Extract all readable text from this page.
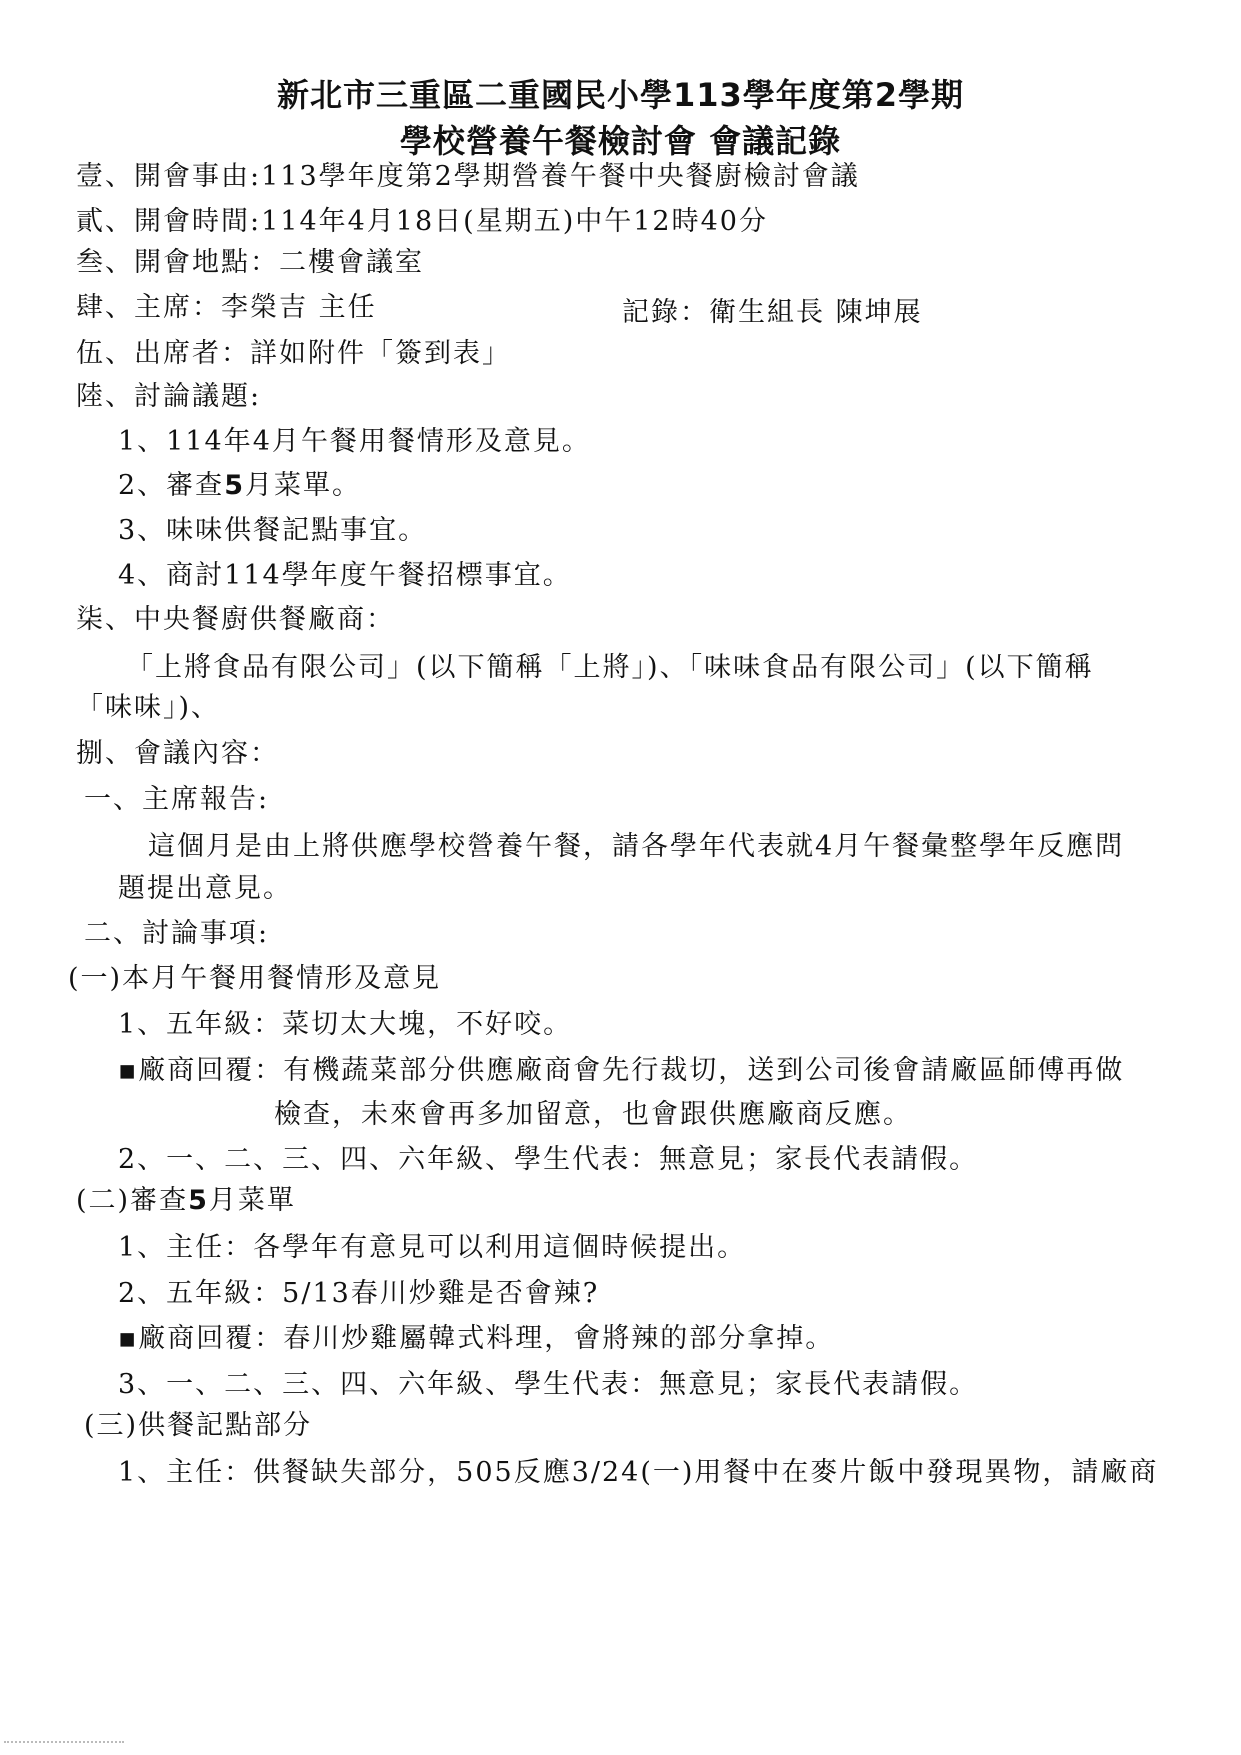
新北市三重區二重國民小學113學年度第2學期
學校營養午餐檢討會 會議記錄
壹、開會事由:113學年度第2學期營養午餐中央餐廚檢討會議
貳、開會時間:114年4月18日(星期五)中午12時40分
叁、開會地點：二樓會議室
肆、主席：李榮吉 主任	記錄：衛生組長 陳坤展
伍、出席者：詳如附件「簽到表」
陸、討論議題:
1、114年4月午餐用餐情形及意見。
2、審查5月菜單。
3、味味供餐記點事宜。
4、商討114學年度午餐招標事宜。
柒、中央餐廚供餐廠商：
「上將食品有限公司」(以下簡稱「上將」)、「味味食品有限公司」(以下簡稱
「味味」)、
捌、會議內容：
一、主席報告:
這個月是由上將供應學校營養午餐，請各學年代表就4月午餐彙整學年反應問
題提出意見。
二、討論事項:
(一)本月午餐用餐情形及意見
1、五年級：菜切太大塊，不好咬。
▪廠商回覆：有機蔬菜部分供應廠商會先行裁切，送到公司後會請廠區師傅再做
檢查，未來會再多加留意，也會跟供應廠商反應。
2、一、二、三、四、六年級、學生代表：無意見；家長代表請假。
(二)審查5月菜單
1、主任：各學年有意見可以利用這個時候提出。
2、五年級：5/13春川炒雞是否會辣?
▪廠商回覆：春川炒雞屬韓式料理，會將辣的部分拿掉。
3、一、二、三、四、六年級、學生代表：無意見；家長代表請假。
(三)供餐記點部分
1、主任：供餐缺失部分，505反應3/24(一)用餐中在麥片飯中發現異物，請廠商
